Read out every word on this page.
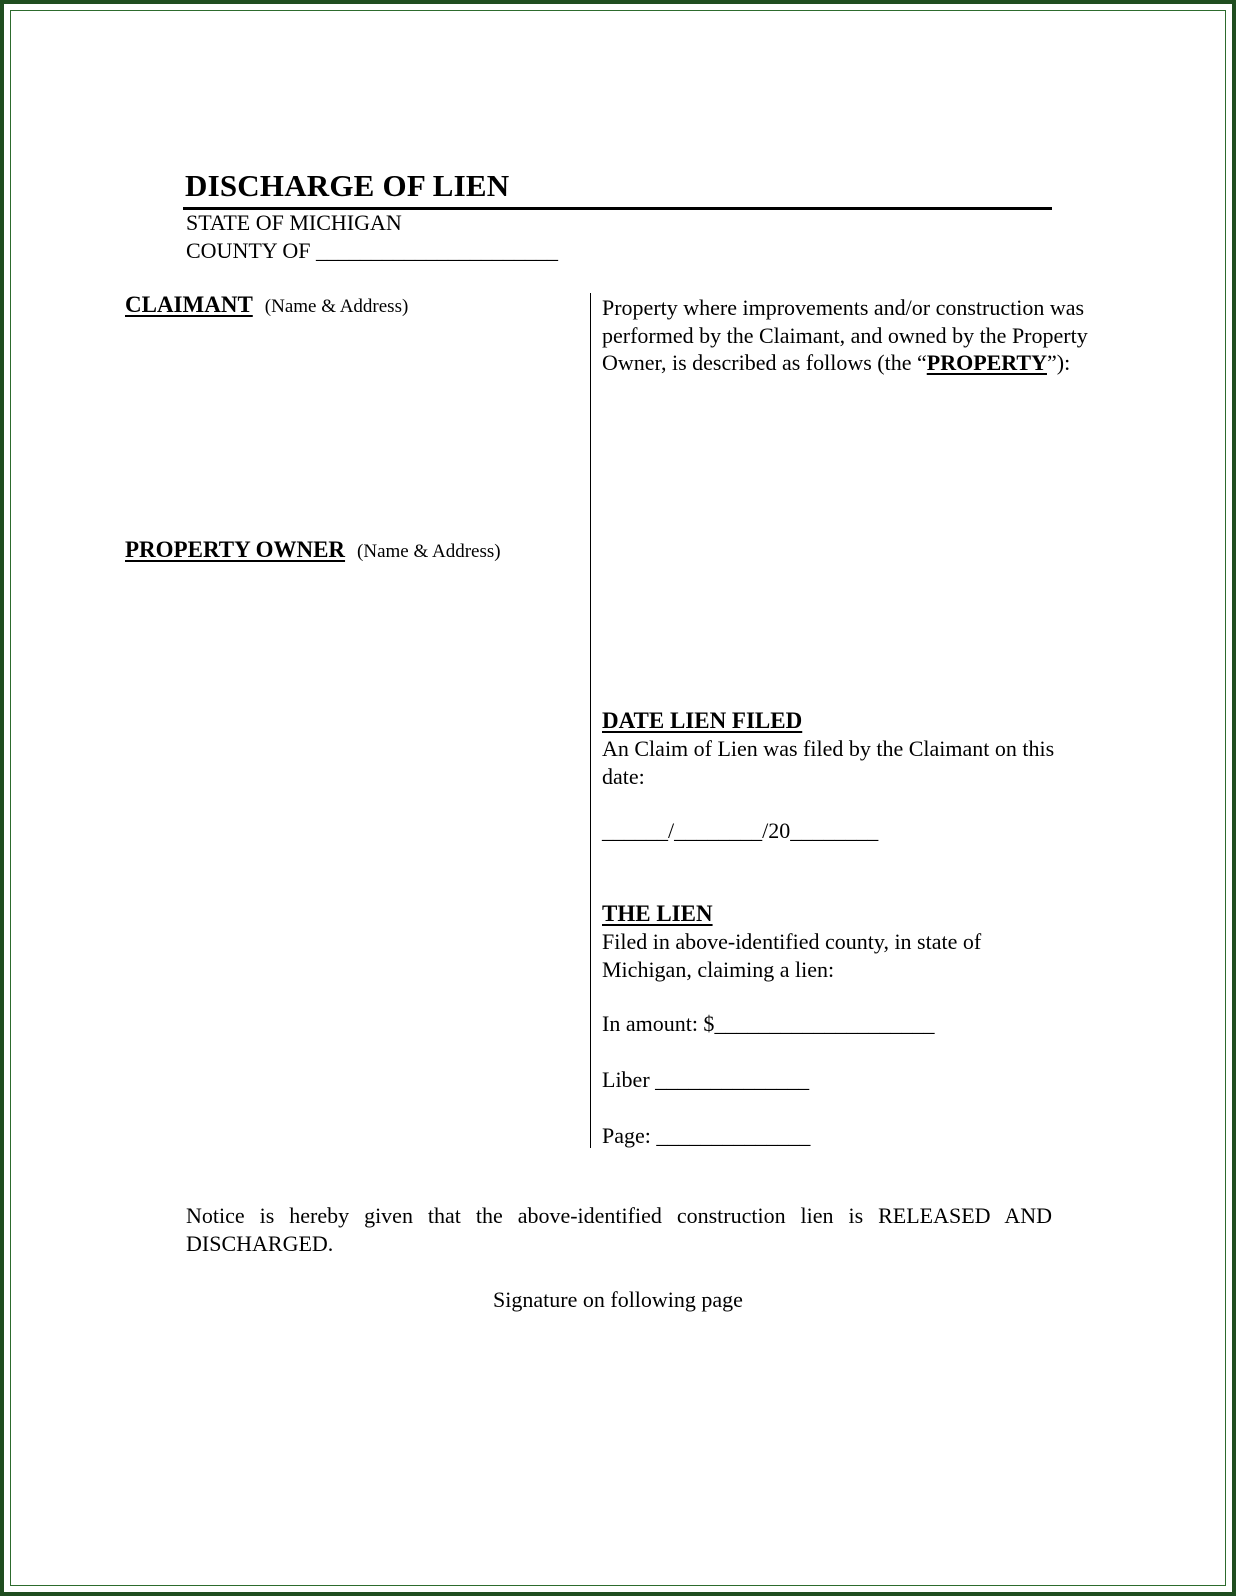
DISCHARGE OF LIEN
STATE OF MICHIGAN
COUNTY OF ______________________
CLAIMANT (Name & Address)
PROPERTY OWNER (Name & Address)
Property where improvements and/or construction was performed by the Claimant, and owned by the Property Owner, is described as follows (the “PROPERTY”):
DATE LIEN FILED
An Claim of Lien was filed by the Claimant on this date:
______/________/20________
THE LIEN
Filed in above-identified county, in state of Michigan, claiming a lien:
In amount: $____________________
Liber ______________
Page: ______________
Notice is hereby given that the above-identified construction lien is RELEASED AND DISCHARGED.
Signature on following page
